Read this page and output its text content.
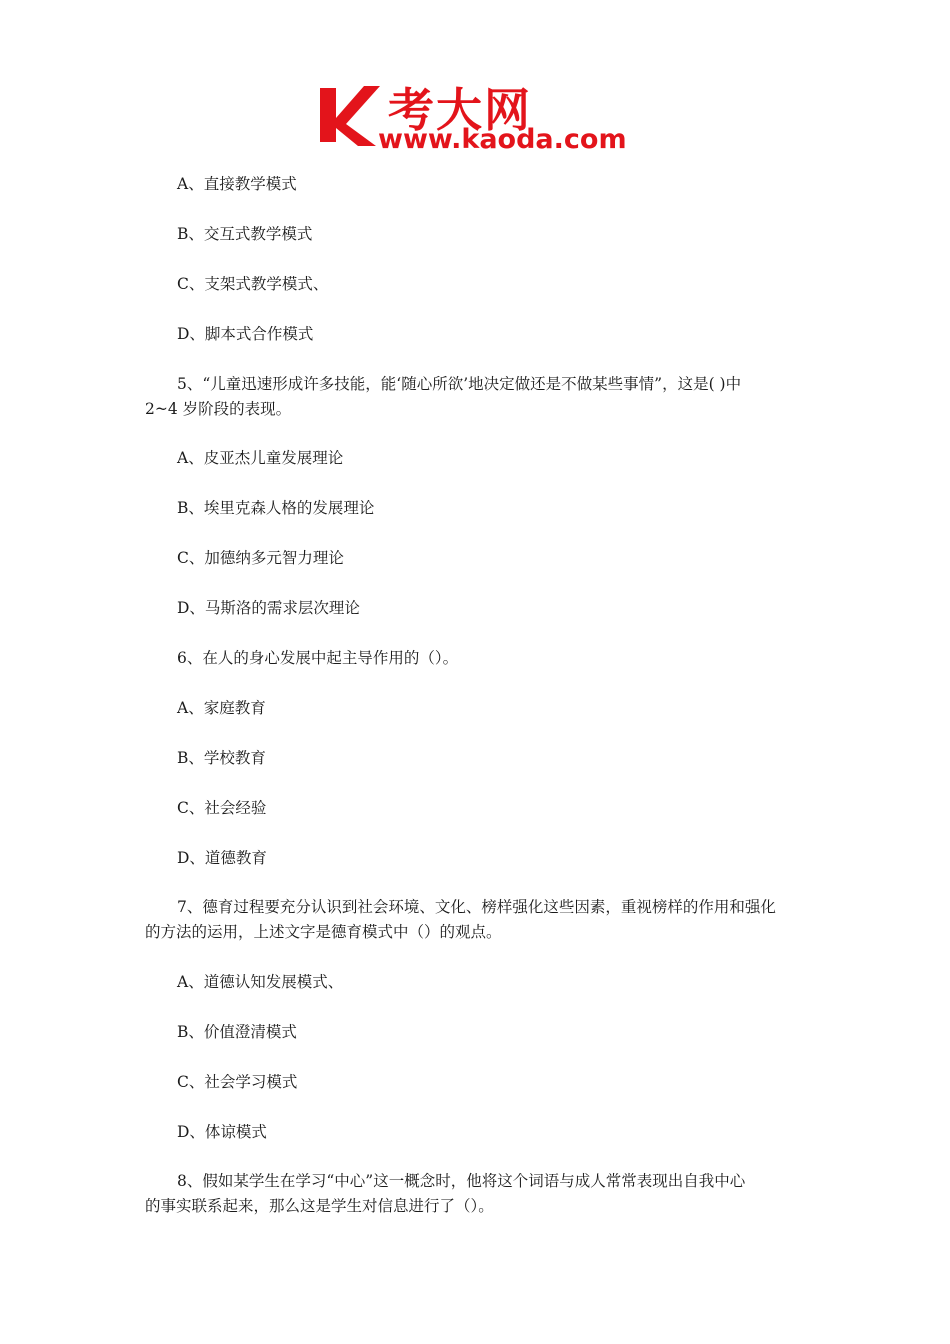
考大网
www.kaoda.com
A、直接教学模式
B、交互式教学模式
C、支架式教学模式、
D、脚本式合作模式
5、“儿童迅速形成许多技能，能‘随心所欲’地决定做还是不做某些事情”，这是( )中
2~4 岁阶段的表现。
A、皮亚杰儿童发展理论
B、埃里克森人格的发展理论
C、加德纳多元智力理论
D、马斯洛的需求层次理论
6、在人的身心发展中起主导作用的（）。
A、家庭教育
B、学校教育
C、社会经验
D、道德教育
7、德育过程要充分认识到社会环境、文化、榜样强化这些因素，重视榜样的作用和强化
的方法的运用，上述文字是德育模式中（）的观点。
A、道德认知发展模式、
B、价值澄清模式
C、社会学习模式
D、体谅模式
8、假如某学生在学习“中心”这一概念时，他将这个词语与成人常常表现出自我中心
的事实联系起来，那么这是学生对信息进行了（）。
